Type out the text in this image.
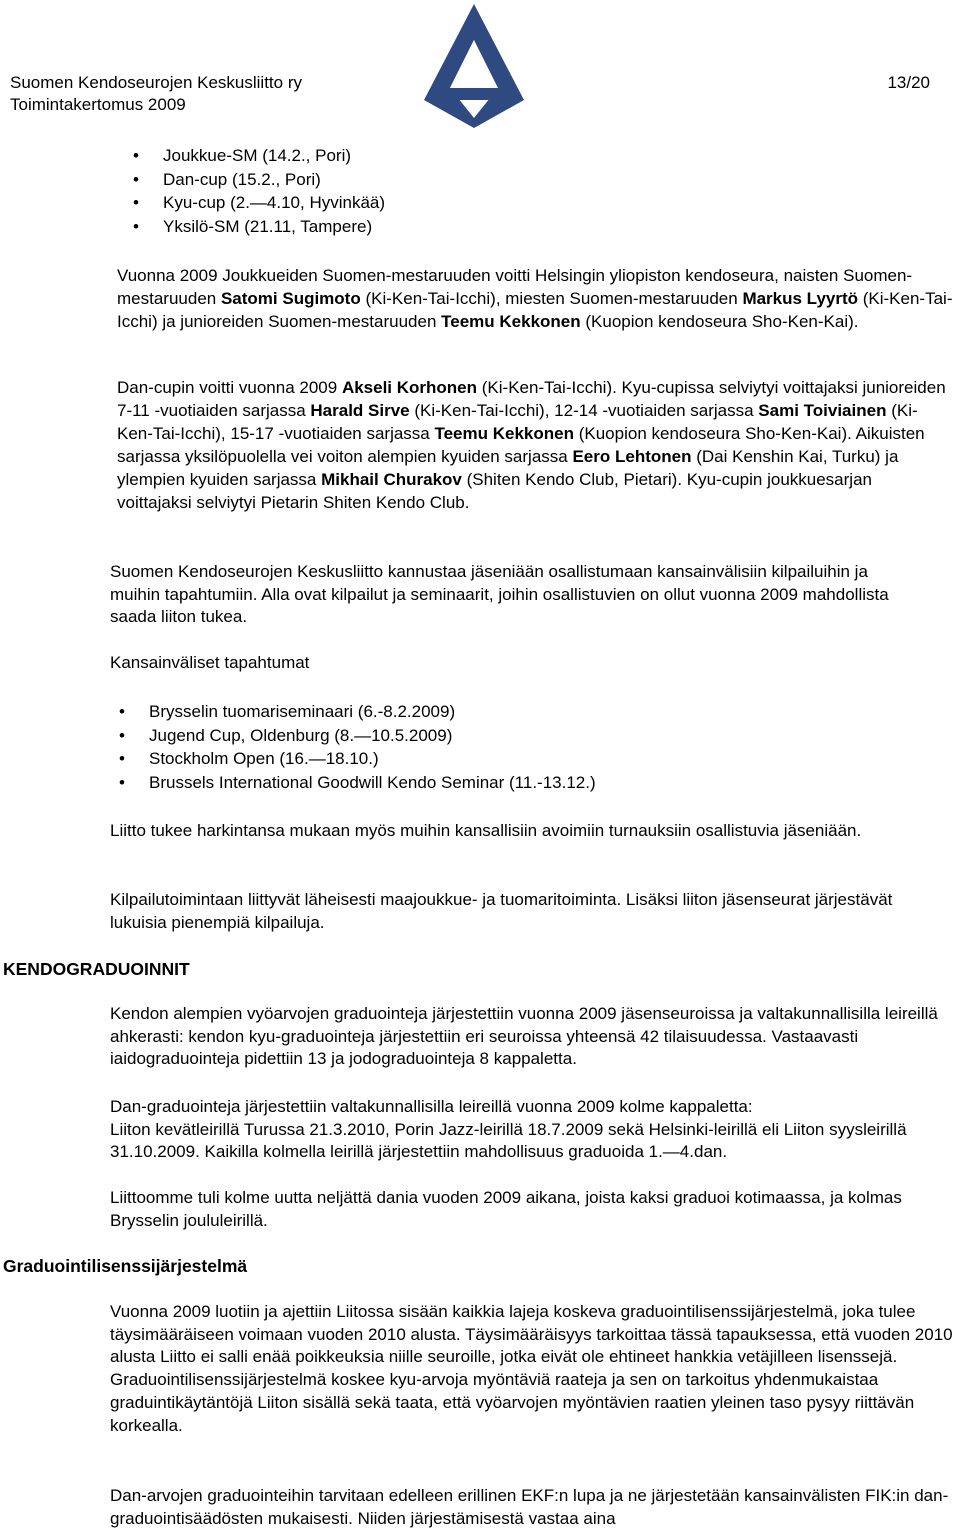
Suomen Kendoseurojen Keskusliitto ry
Toimintakertomus 2009
13/20
• Joukkue-SM (14.2., Pori)
• Dan-cup (15.2., Pori)
• Kyu-cup (2.—4.10, Hyvinkää)
• Yksilö-SM (21.11, Tampere)

Vuonna 2009 Joukkueiden Suomen-mestaruuden voitti Helsingin yliopiston kendoseura, naisten Suomen-mestaruuden Satomi Sugimoto (Ki-Ken-Tai-Icchi), miesten Suomen-mestaruuden Markus Lyyrtö (Ki-Ken-Tai-Icchi) ja junioreiden Suomen-mestaruuden Teemu Kekkonen (Kuopion kendoseura Sho-Ken-Kai).

Dan-cupin voitti vuonna 2009 Akseli Korhonen (Ki-Ken-Tai-Icchi). Kyu-cupissa selviytyi voittajaksi junioreiden 7-11 -vuotiaiden sarjassa Harald Sirve (Ki-Ken-Tai-Icchi), 12-14 -vuotiaiden sarjassa Sami Toiviainen (Ki-Ken-Tai-Icchi), 15-17 -vuotiaiden sarjassa Teemu Kekkonen (Kuopion kendoseura Sho-Ken-Kai). Aikuisten sarjassa yksilöpuolella vei voiton alempien kyuiden sarjassa Eero Lehtonen (Dai Kenshin Kai, Turku) ja ylempien kyuiden sarjassa Mikhail Churakov (Shiten Kendo Club, Pietari). Kyu-cupin joukkuesarjan voittajaksi selviytyi Pietarin Shiten Kendo Club.

Suomen Kendoseurojen Keskusliitto kannustaa jäseniään osallistumaan kansainvälisiin kilpailuihin ja muihin tapahtumiin. Alla ovat kilpailut ja seminaarit, joihin osallistuvien on ollut vuonna 2009 mahdollista saada liiton tukea.

Kansainväliset tapahtumat
• Brysselin tuomariseminaari (6.-8.2.2009)
• Jugend Cup, Oldenburg (8.—10.5.2009)
• Stockholm Open (16.—18.10.)
• Brussels International Goodwill Kendo Seminar (11.-13.12.)

Liitto tukee harkintansa mukaan myös muihin kansallisiin avoimiin turnauksiin osallistuvia jäseniään.

Kilpailutoimintaan liittyvät läheisesti maajoukkue- ja tuomaritoiminta. Lisäksi liiton jäsenseurat järjestävät lukuisia pienempiä kilpailuja.

KENDOGRADUOINNIT

Kendon alempien vyöarvojen graduointeja järjestettiin vuonna 2009 jäsenseuroissa ja valtakunnallisilla leireillä ahkerasti: kendon kyu-graduointeja järjestettiin eri seuroissa yhteensä 42 tilaisuudessa. Vastaavasti iaidograduointeja pidettiin 13 ja jodograduointeja 8 kappaletta.

Dan-graduointeja järjestettiin valtakunnallisilla leireillä vuonna 2009 kolme kappaletta:
Liiton kevätleirillä Turussa 21.3.2010, Porin Jazz-leirillä 18.7.2009 sekä Helsinki-leirillä eli Liiton syysleirillä 31.10.2009. Kaikilla kolmella leirillä järjestettiin mahdollisuus graduoida 1.—4.dan.

Liittoomme tuli kolme uutta neljättä dania vuoden 2009 aikana, joista kaksi graduoi kotimaassa, ja kolmas Brysselin joululeirillä.

Graduointilisenssijärjestelmä

Vuonna 2009 luotiin ja ajettiin Liitossa sisään kaikkia lajeja koskeva graduointilisenssijärjestelmä, joka tulee täysimääräiseen voimaan vuoden 2010 alusta. Täysimääräisyys tarkoittaa tässä tapauksessa, että vuoden 2010 alusta Liitto ei salli enää poikkeuksia niille seuroille, jotka eivät ole ehtineet hankkia vetäjilleen lisenssejä. Graduointilisenssijärjestelmä koskee kyu-arvoja myöntäviä raateja ja sen on tarkoitus yhdenmukaistaa graduintikäytäntöjä Liiton sisällä sekä taata, että vyöarvojen myöntävien raatien yleinen taso pysyy riittävän korkealla.

Dan-arvojen graduointeihin tarvitaan edelleen erillinen EKF:n lupa ja ne järjestetään kansainvälisten FIK:in dan-graduointisäädösten mukaisesti. Niiden järjestämisestä vastaa aina
